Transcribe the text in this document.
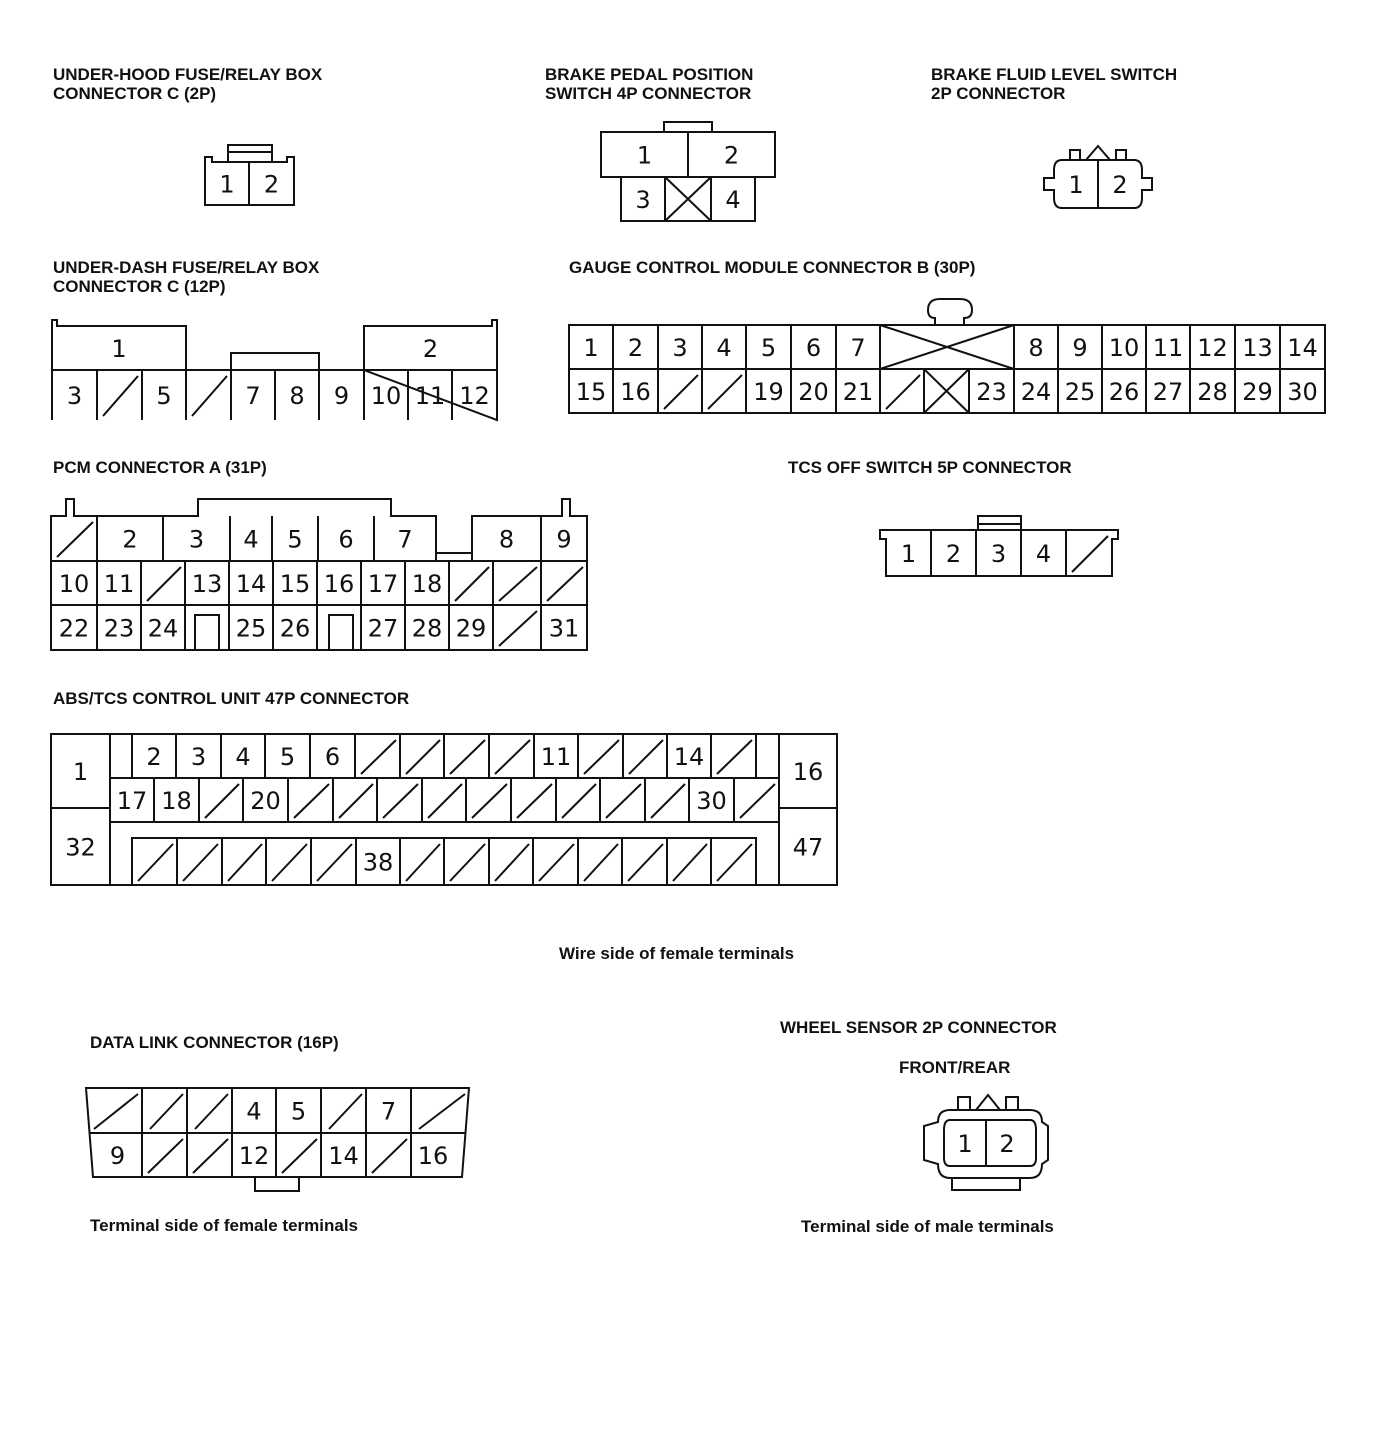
UNDER-HOOD FUSE/RELAY BOX
CONNECTOR C (2P)
BRAKE PEDAL POSITION
SWITCH 4P CONNECTOR
BRAKE FLUID LEVEL SWITCH
2P CONNECTOR
UNDER-DASH FUSE/RELAY BOX
CONNECTOR C (12P)
GAUGE CONTROL MODULE CONNECTOR B (30P)
PCM CONNECTOR A (31P)	TCS OFF SWITCH 5P CONNECTOR
ABS/TCS CONTROL UNIT 47P CONNECTOR
Wire side of female terminals
DATA LINK CONNECTOR (16P)
WHEEL SENSOR 2P CONNECTOR
FRONT/REAR
Terminal side of female terminals	Terminal side of male terminals
1 2
1	2
3	4
1 2
1	2
3	5	7 8 9 10 11 12
1 2 3 4 5 6 7	8 9 10 11 12 13 14
15 16	19 20 21	23 24 25 26 27 28 29 30
2 3 4 5 6 7	8 9
10 11 13 14 15 16 17 18
22 23 24 25 26 27 28 29	31
1 2 3 4
1
2 3 4 5 6	11	14
16
17 18 20	30
32
38
47
4 5	7
9	12 14 16	1 2
